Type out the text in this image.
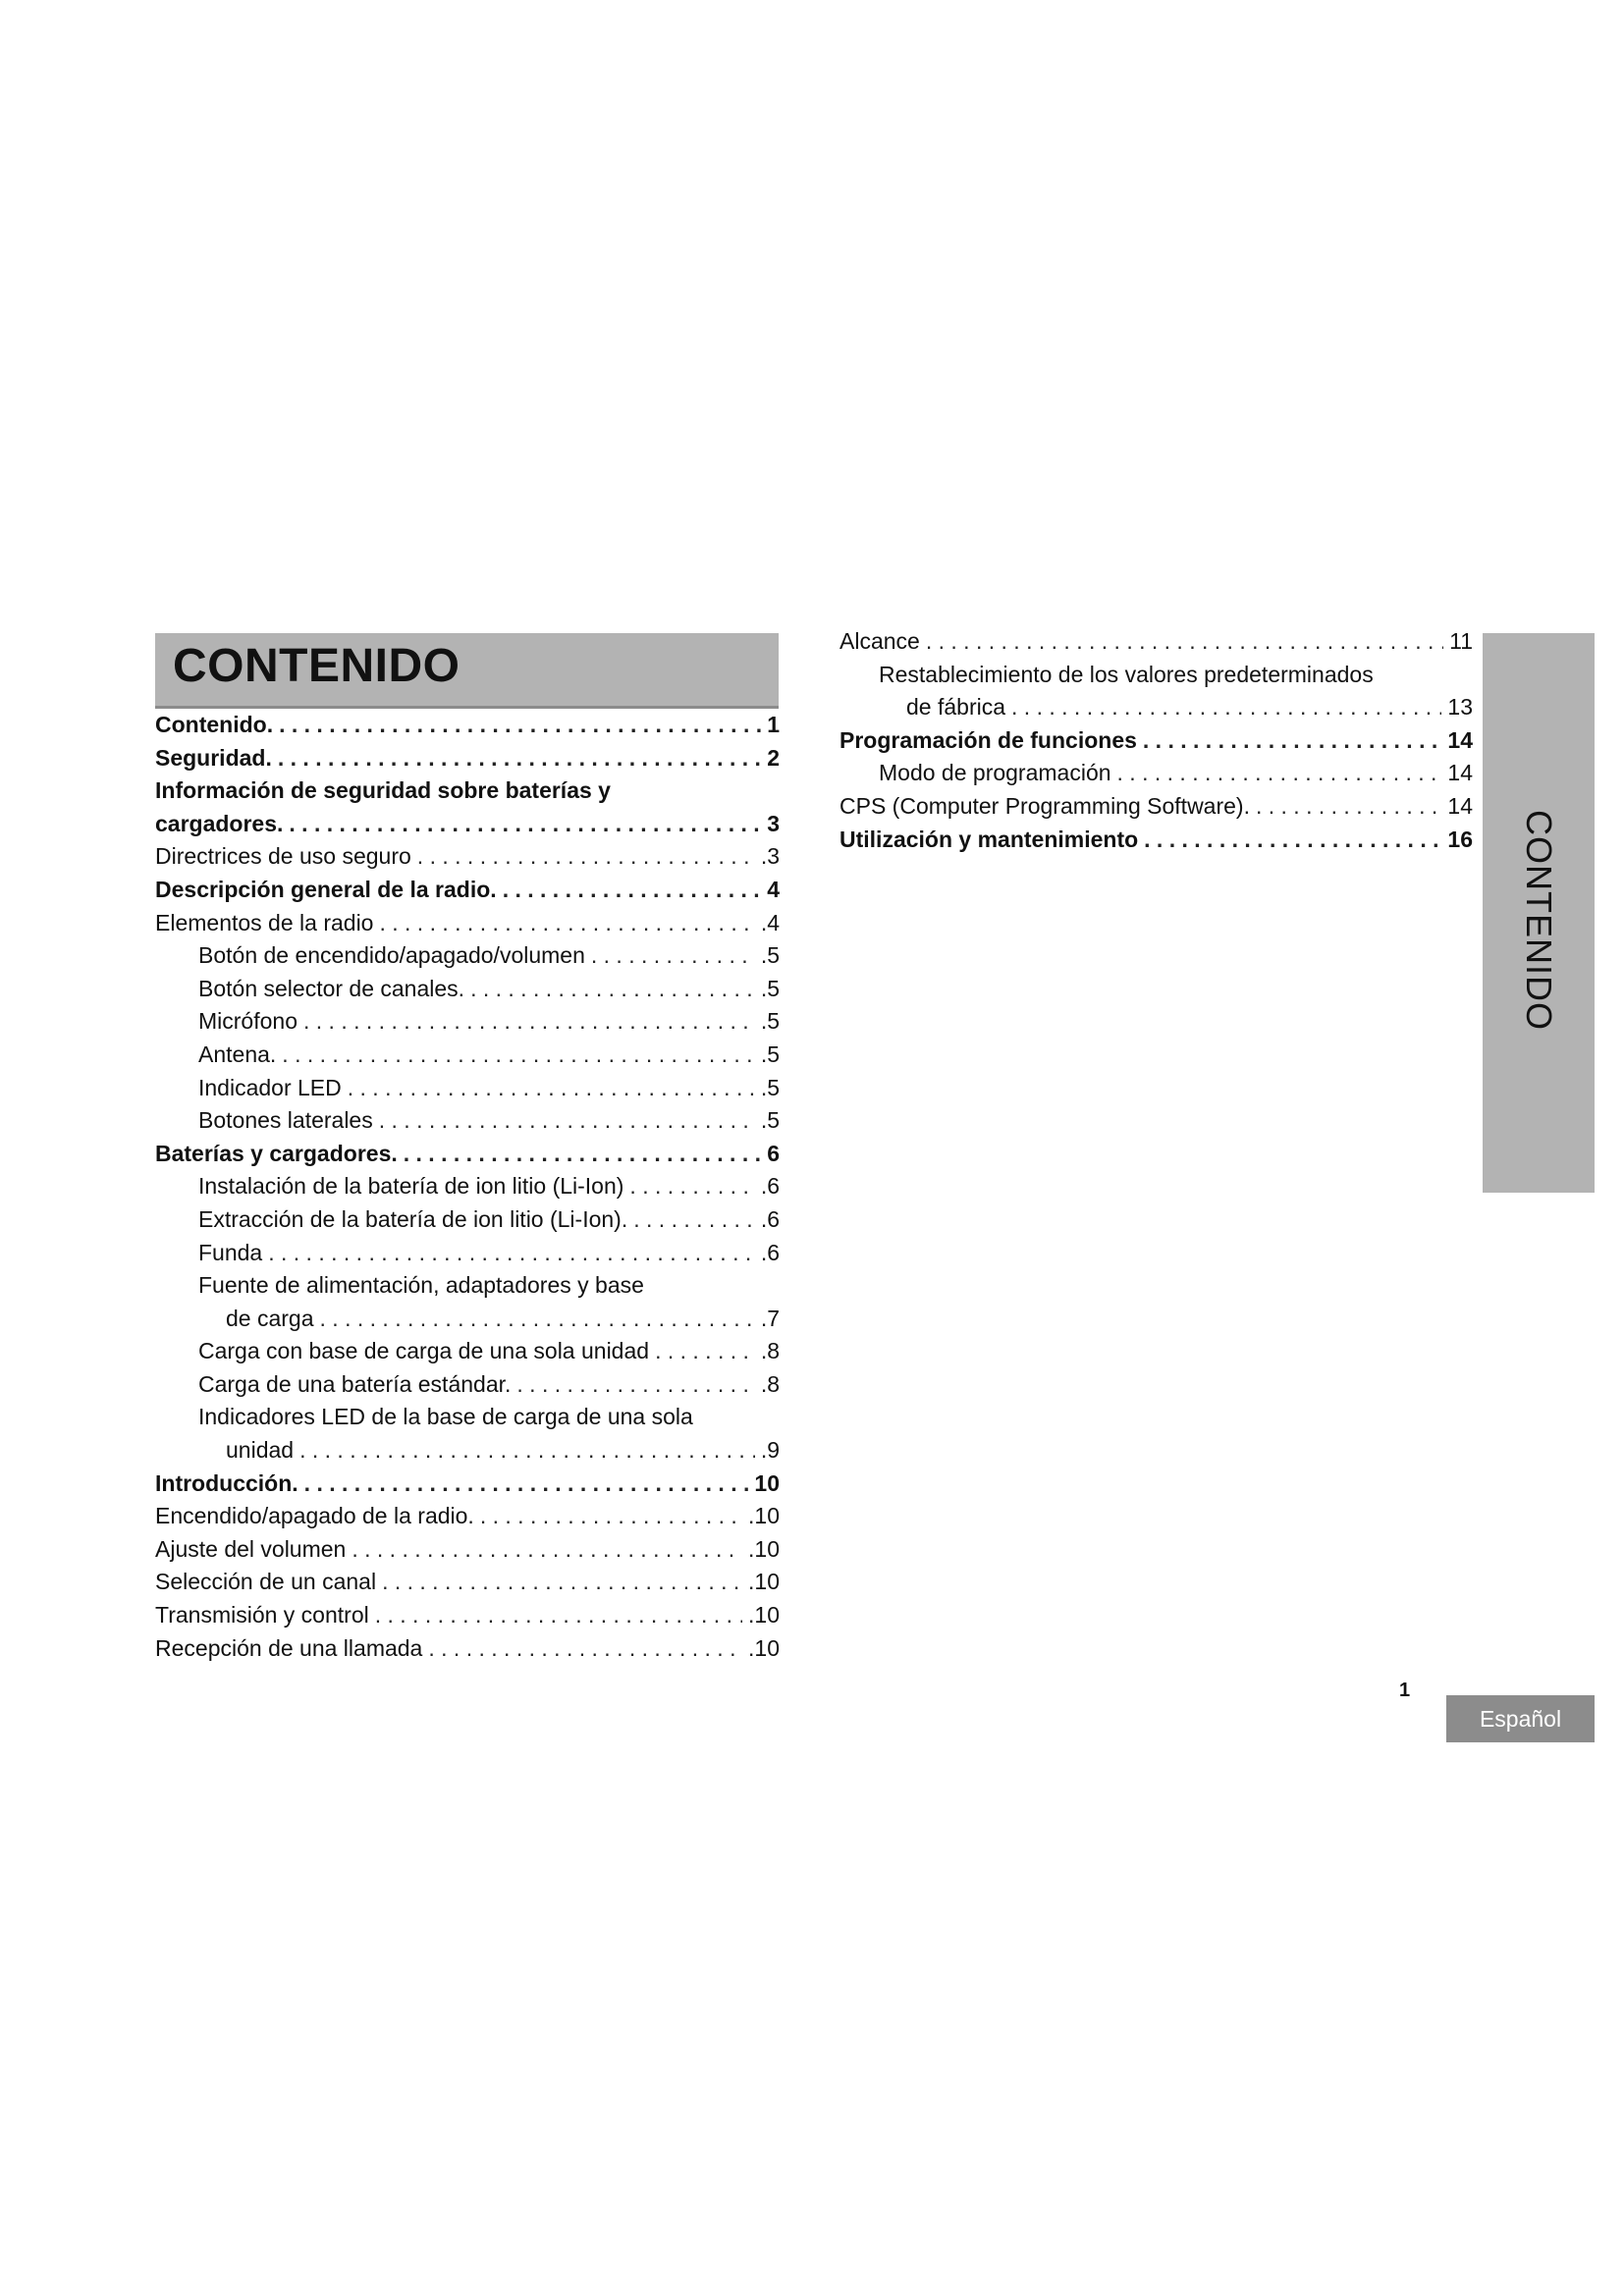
CONTENIDO
Contenido. . . .	1
Seguridad. . . .	2
Información de seguridad sobre baterías y
cargadores. . . .	3
Directrices de uso seguro . . .	.3
Descripción general de la radio. . . .	4
Elementos de la radio . . .	.4
Botón de encendido/apagado/volumen . . .	.5
Botón selector de canales. . . .	.5
Micrófono . . .	.5
Antena. . . .	.5
Indicador LED . . .	.5
Botones laterales . . .	.5
Baterías y cargadores. . . .	6
Instalación de la batería de ion litio (Li-Ion) . . .	.6
Extracción de la batería de ion litio (Li-Ion). . . .	.6
Funda . . .	.6
Fuente de alimentación, adaptadores y base
de carga . . .	.7
Carga con base de carga de una sola unidad . . .	.8
Carga de una batería estándar. . . .	.8
Indicadores LED de la base de carga de una sola
unidad . . .	.9
Introducción. . . .	10
Encendido/apagado de la radio. . . .	.10
Ajuste del volumen . . .	.10
Selección de un canal . . .	.10
Transmisión y control . . .	.10
Recepción de una llamada . . .	.10
Alcance . . .	11
Restablecimiento de los valores predeterminados
de fábrica . . .	13
Programación de funciones . . .	14
Modo de programación . . .	14
CPS (Computer Programming Software). . . .	14
Utilización y mantenimiento . . .	16 CONTENIDO
1
Español
